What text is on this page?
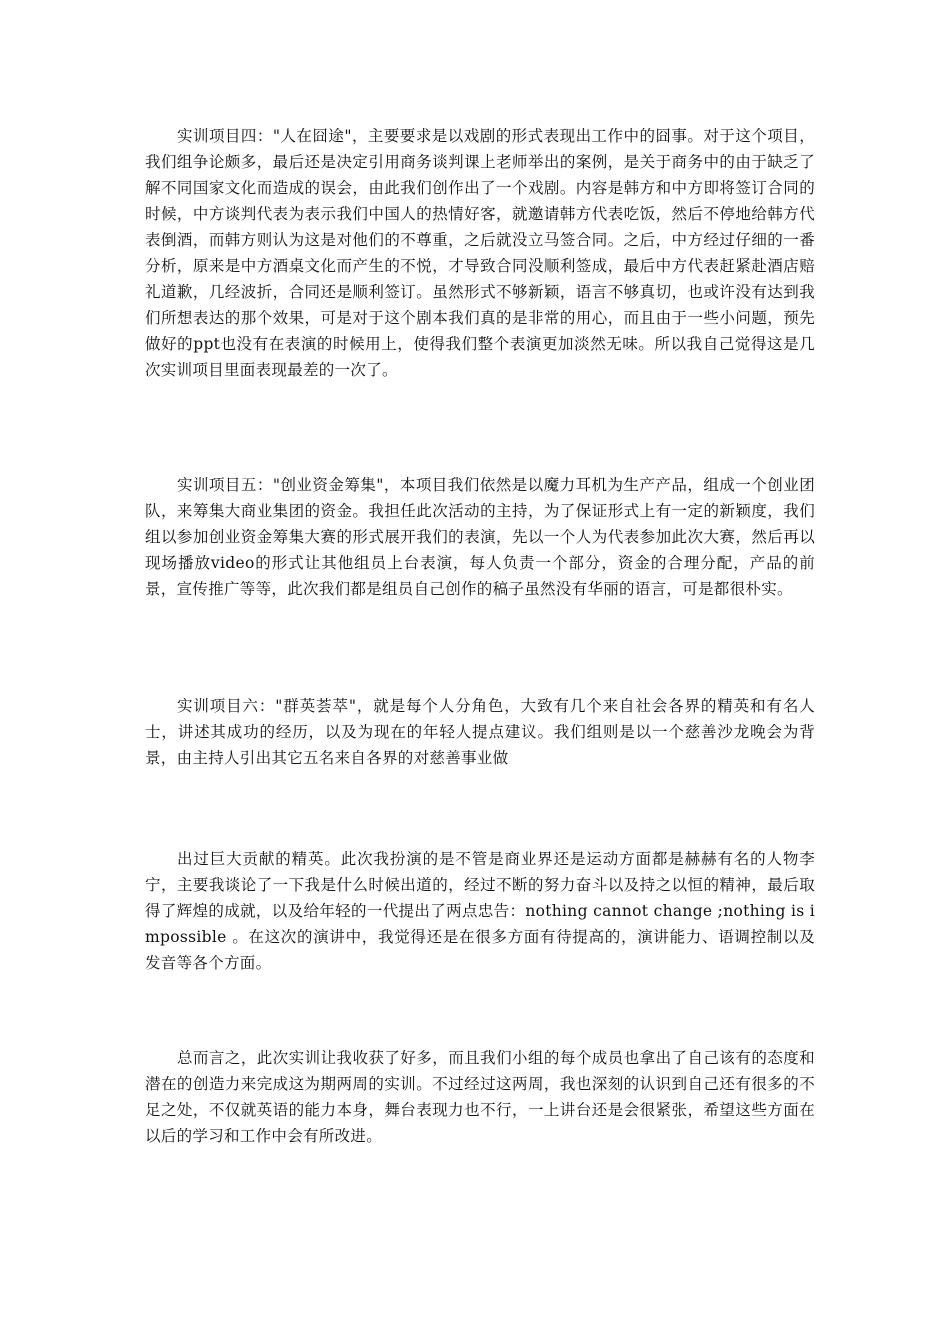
实训项目四："人在囧途"，主要要求是以戏剧的形式表现出工作中的囧事。对于这个项目，我们组争论颇多，最后还是决定引用商务谈判课上老师举出的案例，是关于商务中的由于缺乏了解不同国家文化而造成的误会，由此我们创作出了一个戏剧。内容是韩方和中方即将签订合同的时候，中方谈判代表为表示我们中国人的热情好客，就邀请韩方代表吃饭，然后不停地给韩方代表倒酒，而韩方则认为这是对他们的不尊重，之后就没立马签合同。之后，中方经过仔细的一番分析，原来是中方酒桌文化而产生的不悦，才导致合同没顺利签成，最后中方代表赶紧赴酒店赔礼道歉，几经波折，合同还是顺利签订。虽然形式不够新颖，语言不够真切，也或许没有达到我们所想表达的那个效果，可是对于这个剧本我们真的是非常的用心，而且由于一些小问题，预先做好的ppt也没有在表演的时候用上，使得我们整个表演更加淡然无味。所以我自己觉得这是几次实训项目里面表现最差的一次了。

实训项目五："创业资金筹集"，本项目我们依然是以魔力耳机为生产产品，组成一个创业团队，来筹集大商业集团的资金。我担任此次活动的主持，为了保证形式上有一定的新颖度，我们组以参加创业资金筹集大赛的形式展开我们的表演，先以一个人为代表参加此次大赛，然后再以现场播放video的形式让其他组员上台表演，每人负责一个部分，资金的合理分配，产品的前景，宣传推广等等，此次我们都是组员自己创作的稿子虽然没有华丽的语言，可是都很朴实。

实训项目六："群英荟萃"，就是每个人分角色，大致有几个来自社会各界的精英和有名人士，讲述其成功的经历，以及为现在的年轻人提点建议。我们组则是以一个慈善沙龙晚会为背景，由主持人引出其它五名来自各界的对慈善事业做

出过巨大贡献的精英。此次我扮演的是不管是商业界还是运动方面都是赫赫有名的人物李宁，主要我谈论了一下我是什么时候出道的，经过不断的努力奋斗以及持之以恒的精神，最后取得了辉煌的成就，以及给年轻的一代提出了两点忠告：nothing cannot change ;nothing is impossible 。在这次的演讲中，我觉得还是在很多方面有待提高的，演讲能力、语调控制以及发音等各个方面。

总而言之，此次实训让我收获了好多，而且我们小组的每个成员也拿出了自己该有的态度和潜在的创造力来完成这为期两周的实训。不过经过这两周，我也深刻的认识到自己还有很多的不足之处，不仅就英语的能力本身，舞台表现力也不行，一上讲台还是会很紧张，希望这些方面在以后的学习和工作中会有所改进。
